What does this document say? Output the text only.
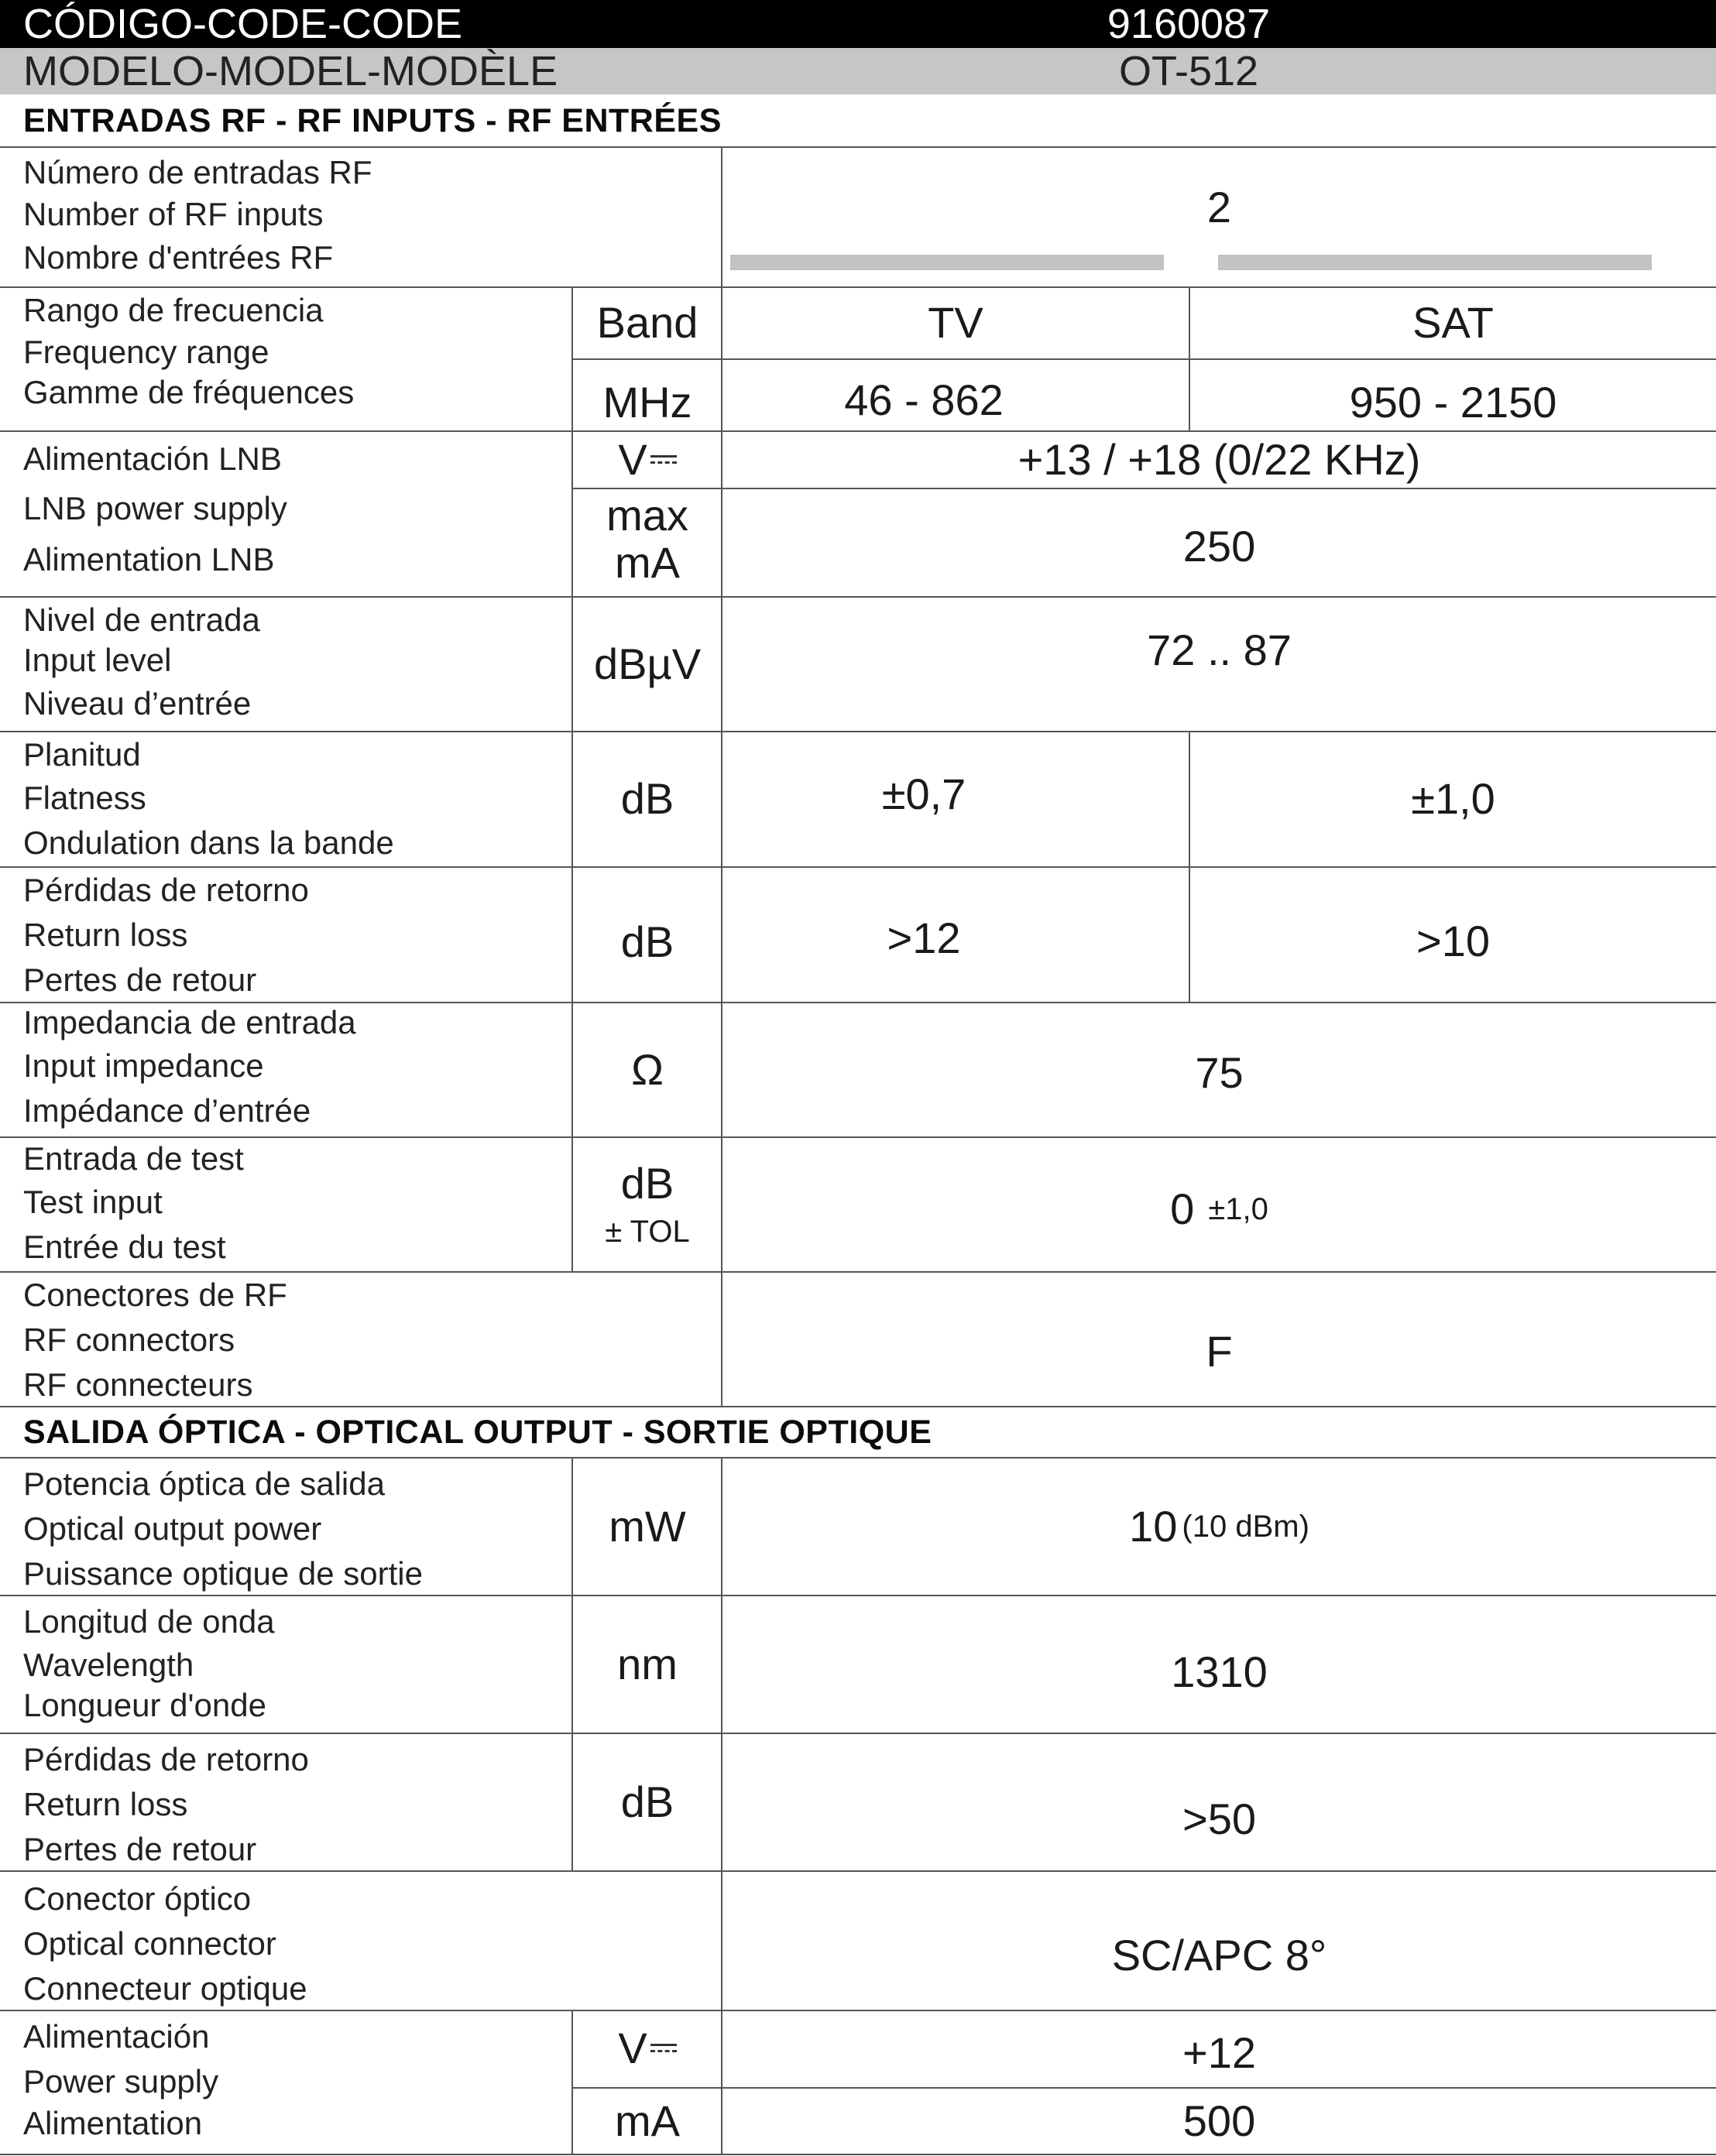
CÓDIGO-CODE-CODE	9160087
MODELO-MODEL-MODÈLE	OT-512
ENTRADAS RF - RF INPUTS - RF ENTRÉES
Número de entradas RF
Number of RF inputs
Nombre d'entrées RF
2
Rango de frecuencia
Frequency range
Gamme de fréquences
Band	TV	SAT
MHz	46 - 862	950 - 2150
Alimentación LNB
LNB power supply
Alimentation LNB
V	+13 / +18 (0/22 KHz)
max
mA	250
Nivel de entrada
Input level
Niveau d’entrée
dBµV	72 .. 87
Planitud
Flatness
Ondulation dans la bande
dB	±0,7	±1,0
Pérdidas de retorno
Return loss
Pertes de retour
dB	>12	>10
Impedancia de entrada
Input impedance
Impédance d’entrée
Ω	75
Entrada de test
Test input
Entrée du test
dB
± TOL	0 ±1,0
Conectores de RF
RF connectors
RF connecteurs
F
SALIDA ÓPTICA - OPTICAL OUTPUT - SORTIE OPTIQUE
Potencia óptica de salida
Optical output power
Puissance optique de sortie
mW	10 (10 dBm)
Longitud de onda
Wavelength
Longueur d'onde
nm	1310
Pérdidas de retorno
Return loss
Pertes de retour
dB	>50
Conector óptico
Optical connector
Connecteur optique
SC/APC 8°
Alimentación
Power supply
Alimentation
V	+12
mA	500
